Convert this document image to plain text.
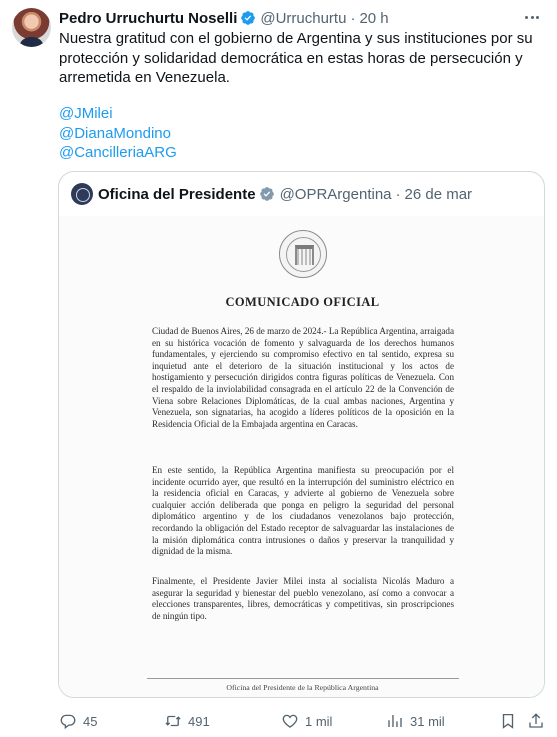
Pedro Urruchurtu Noselli @Urruchurtu · 20 h
Nuestra gratitud con el gobierno de Argentina y sus instituciones por su protección y solidaridad democrática en estas horas de persecución y arremetida en Venezuela.
@JMilei
@DianaMondino
@CancilleriaARG
Oficina del Presidente @OPRArgentina · 26 de mar
COMUNICADO OFICIAL
Ciudad de Buenos Aires, 26 de marzo de 2024.- La República Argentina, arraigada en su histórica vocación de fomento y salvaguarda de los derechos humanos fundamentales, y ejerciendo su compromiso efectivo en tal sentido, expresa su inquietud ante el deterioro de la situación institucional y los actos de hostigamiento y persecución dirigidos contra figuras políticas de Venezuela. Con el respaldo de la inviolabilidad consagrada en el artículo 22 de la Convención de Viena sobre Relaciones Diplomáticas, de la cual ambas naciones, Argentina y Venezuela, son signatarias, ha acogido a líderes políticos de la oposición en la Residencia Oficial de la Embajada argentina en Caracas.
En este sentido, la República Argentina manifiesta su preocupación por el incidente ocurrido ayer, que resultó en la interrupción del suministro eléctrico en la residencia oficial en Caracas, y advierte al gobierno de Venezuela sobre cualquier acción deliberada que ponga en peligro la seguridad del personal diplomático argentino y de los ciudadanos venezolanos bajo protección, recordando la obligación del Estado receptor de salvaguardar las instalaciones de la misión diplomática contra intrusiones o daños y preservar la tranquilidad y dignidad de la misma.
Finalmente, el Presidente Javier Milei insta al socialista Nicolás Maduro a asegurar la seguridad y bienestar del pueblo venezolano, así como a convocar a elecciones transparentes, libres, democráticas y competitivas, sin proscripciones de ningún tipo.
Oficina del Presidente de la República Argentina
45	491	1 mil	31 mil
